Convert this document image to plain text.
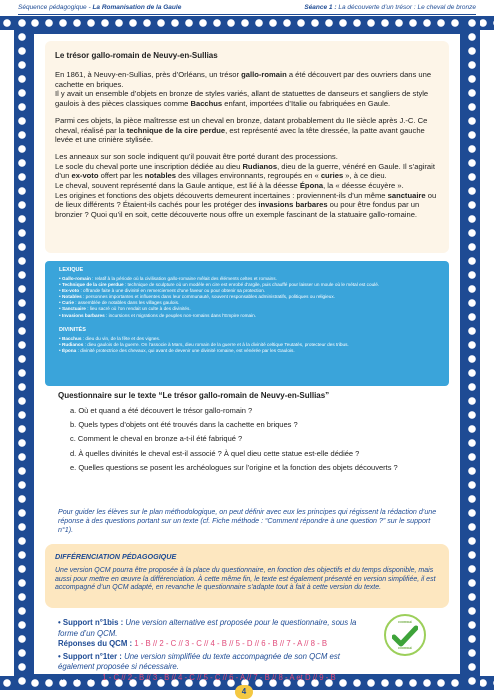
Séquence pédagogique - La Romanisation de la Gaule	Séance 1 : La découverte d’un trésor : Le cheval de bronze
Le trésor gallo-romain de Neuvy-en-Sullias

En 1861, à Neuvy-en-Sullias, près d’Orléans, un trésor gallo-romain a été découvert par des ouvriers dans une cachette en briques.
Il y avait un ensemble d’objets en bronze de styles variés, allant de statuettes de danseurs et sangliers de style gaulois à des pièces classiques comme Bacchus enfant, importées d’Italie ou fabriquées en Gaule.

Parmi ces objets, la pièce maîtresse est un cheval en bronze, datant probablement du IIe siècle après J.-C. Ce cheval, réalisé par la technique de la cire perdue, est représenté avec la tête dressée, la patte avant gauche levée et une crinière stylisée.

Les anneaux sur son socle indiquent qu’il pouvait être porté durant des processions.
Le socle du cheval porte une inscription dédiée au dieu Rudianos, dieu de la guerre, vénéré en Gaule. Il s’agirait d’un ex-voto offert par les notables des villages environnants, regroupés en « curies », à ce dieu.
Le cheval, souvent représenté dans la Gaule antique, est lié à la déesse Épona, la « déesse écuyère ».
Les origines et fonctions des objets découverts demeurent incertaines : proviennent-ils d’un même sanctuaire ou de lieux différents ? Étaient-ils cachés pour les protéger des invasions barbares ou pour être fondus par un bronzier ? Quoi qu’il en soit, cette découverte nous offre un exemple fascinant de la statuaire gallo-romaine.

LEXIQUE
• Gallo-romain : relatif à la période où la civilisation gallo-romaine mêlait des éléments celtes et romains.
• Technique de la cire perdue : technique de sculpture où un modèle en cire est enrobé d’argile, puis chauffé pour laisser un moule où le métal est coulé.
• Ex-voto : offrande faite à une divinité en remerciement d’une faveur ou pour obtenir sa protection.
• Notables : personnes importantes et influentes dans leur communauté, souvent responsables administratifs, politiques ou religieux.
• Curie : assemblée de notables dans les villages gaulois.
• Sanctuaire : lieu sacré où l’on rendait un culte à des divinités.
• Invasions barbares : incursions et migrations de peuples non-romains dans l’Empire romain.
DIVINITÉS
• Bacchus : dieu du vin, de la fête et des vignes.
• Rudianos : dieu gaulois de la guerre. On l’associe à Mars, dieu romain de la guerre et à la divinité celtique Teutatès, protecteur des tribus.
• Épona : divinité protectrice des chevaux, qui avant de devenir une divinité romaine, est vénérée par les Gaulois.
Questionnaire sur le texte “Le trésor gallo-romain de Neuvy-en-Sullias”
a. Où et quand a été découvert le trésor gallo-romain ?
b. Quels types d’objets ont été trouvés dans la cachette en briques ?
c. Comment le cheval en bronze a-t-il été fabriqué ?
d. À quelles divinités le cheval est-il associé ? À quel dieu cette statue est-elle dédiée ?
e. Quelles questions se posent les archéologues sur l’origine et la fonction des objets découverts ?
Pour guider les élèves sur le plan méthodologique, on peut définir avec eux les principes qui régissent la rédaction d’une réponse à des questions portant sur un texte (cf. Fiche méthode : “Comment répondre à une question ?” sur le support n°1).
DIFFÉRENCIATION PÉDAGOGIQUE
Une version QCM pourra être proposée à la place du questionnaire, en fonction des objectifs et du temps disponible, mais aussi pour mettre en œuvre la différenciation. À cette même fin, le texte est également présenté en version simplifiée, il est accompagné d’un QCM adapté, en revanche le questionnaire s’adapte tout à fait à cette version du texte.
• Support n°1bis : Une version alternative est proposée pour le questionnaire, sous la forme d’un QCM.
Réponses du QCM : 1 - B // 2 - C // 3 - C // 4 - B // 5 - D // 6 - B // 7 - A // 8 - B
• Support n°1ter : Une version simplifiée du texte accompagnée de son QCM est également proposée si nécessaire.
Réponses : 1 - C // 2 - B // 3 - B // 4 - C // 5 - C // 6 - A // 7 - B // 8 - A et D // 9 - B
CORRIGÉ
CORRIGÉ
4
